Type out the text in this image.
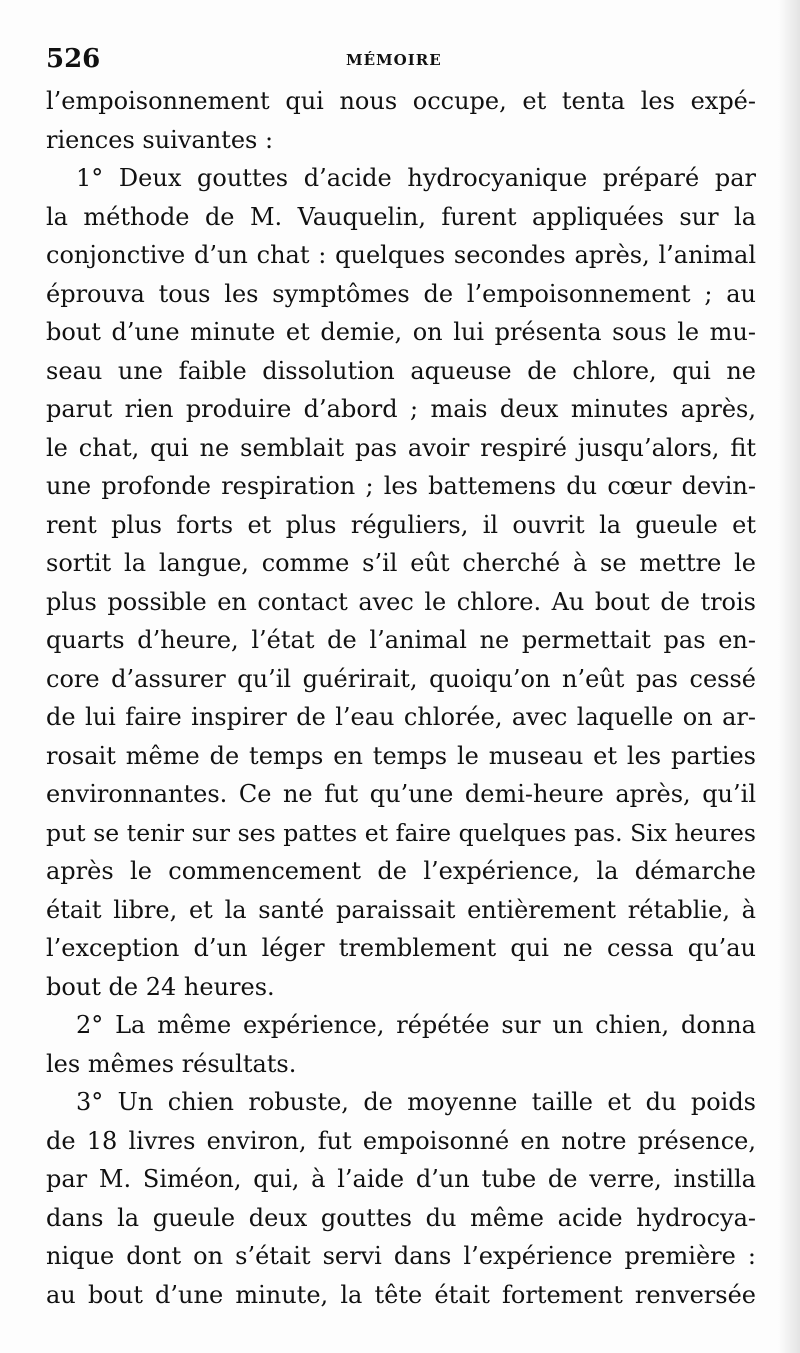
526	MÉMOIRE
l’empoisonnement qui nous occupe, et tenta les expé-
riences suivantes :
1° Deux gouttes d’acide hydrocyanique préparé par
la méthode de M. Vauquelin, furent appliquées sur la
conjonctive d’un chat : quelques secondes après, l’animal
éprouva tous les symptômes de l’empoisonnement ; au
bout d’une minute et demie, on lui présenta sous le mu-
seau une faible dissolution aqueuse de chlore, qui ne
parut rien produire d’abord ; mais deux minutes après,
le chat, qui ne semblait pas avoir respiré jusqu’alors, fit
une profonde respiration ; les battemens du cœur devin-
rent plus forts et plus réguliers, il ouvrit la gueule et
sortit la langue, comme s’il eût cherché à se mettre le
plus possible en contact avec le chlore. Au bout de trois
quarts d’heure, l’état de l’animal ne permettait pas en-
core d’assurer qu’il guérirait, quoiqu’on n’eût pas cessé
de lui faire inspirer de l’eau chlorée, avec laquelle on ar-
rosait même de temps en temps le museau et les parties
environnantes. Ce ne fut qu’une demi-heure après, qu’il
put se tenir sur ses pattes et faire quelques pas. Six heures
après le commencement de l’expérience, la démarche
était libre, et la santé paraissait entièrement rétablie, à
l’exception d’un léger tremblement qui ne cessa qu’au
bout de 24 heures.
2° La même expérience, répétée sur un chien, donna
les mêmes résultats.
3° Un chien robuste, de moyenne taille et du poids
de 18 livres environ, fut empoisonné en notre présence,
par M. Siméon, qui, à l’aide d’un tube de verre, instilla
dans la gueule deux gouttes du même acide hydrocya-
nique dont on s’était servi dans l’expérience première :
au bout d’une minute, la tête était fortement renversée
